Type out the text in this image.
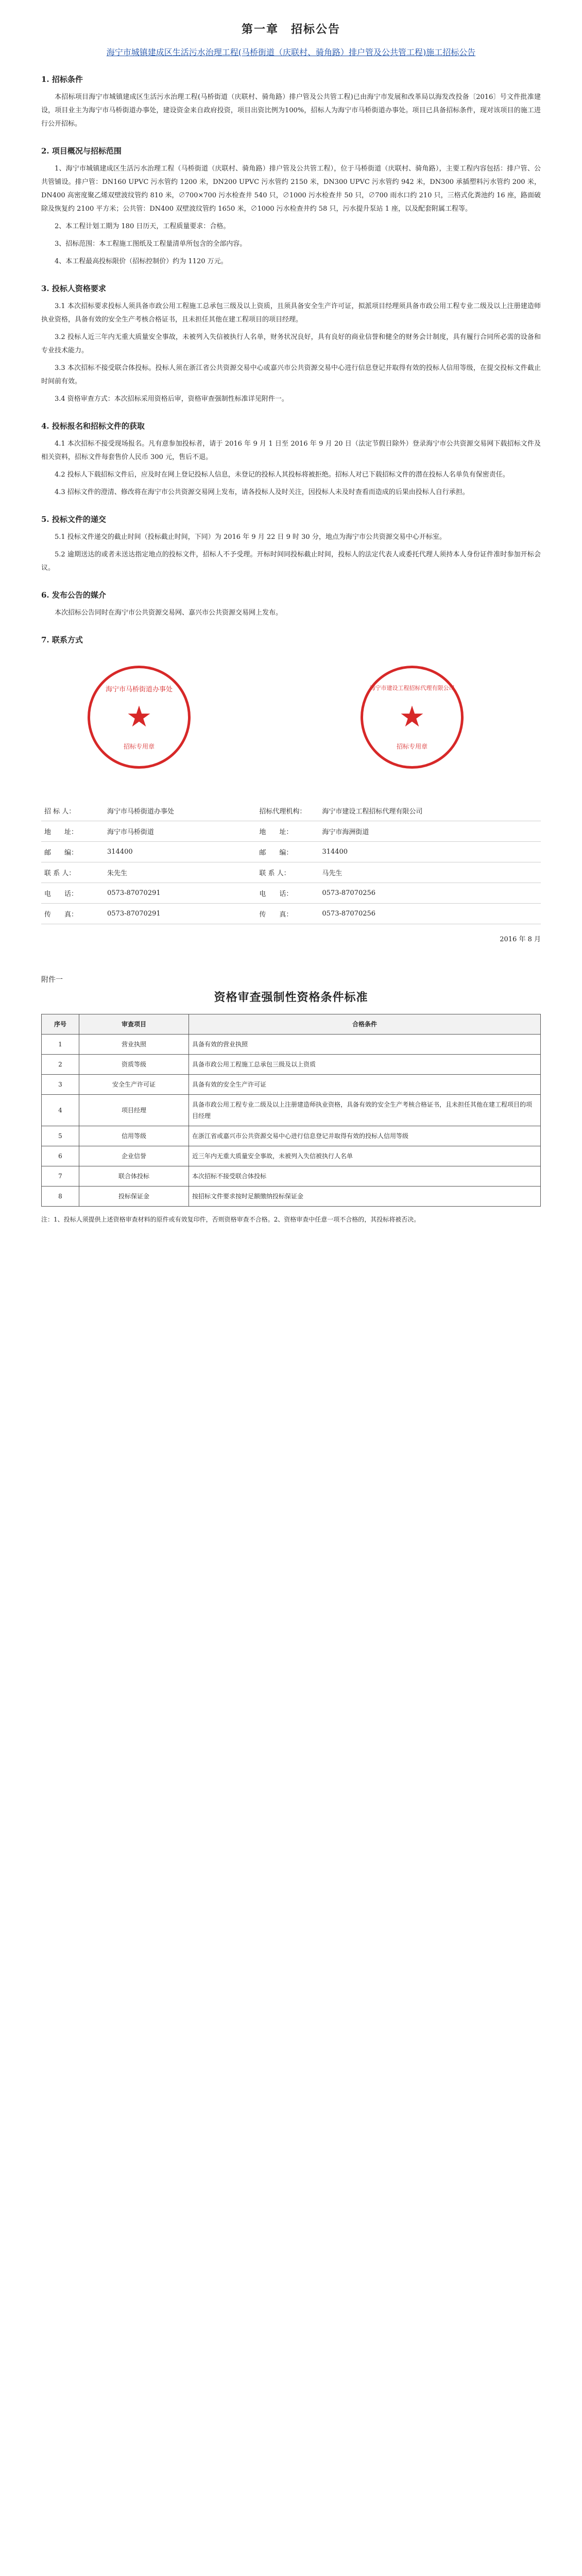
第一章　招标公告
海宁市城镇建成区生活污水治理工程(马桥街道（庆联村、骑角路）排户管及公共管工程)施工招标公告
1. 招标条件
本招标项目海宁市城镇建成区生活污水治理工程(马桥街道（庆联村、骑角路）排户管及公共管工程)已由海宁市发展和改革局以海发改投备〔2016〕号文件批准建设，项目业主为海宁市马桥街道办事处，建设资金来自政府投资，项目出资比例为100%，招标人为海宁市马桥街道办事处。项目已具备招标条件，现对该项目的施工进行公开招标。
2. 项目概况与招标范围
1、海宁市城镇建成区生活污水治理工程（马桥街道（庆联村、骑角路）排户管及公共管工程），位于马桥街道（庆联村、骑角路），主要工程内容包括：排户管、公共管铺设。排户管：DN160 UPVC 污水管约 1200 米，DN200 UPVC 污水管约 2150 米，DN300 UPVC 污水管约 942 米，DN300 承插塑料污水管约 200 米，DN400 高密度聚乙烯双壁波纹管约 810 米，∅700×700 污水检查井 540 只，∅1000 污水检查井 50 只，∅700 雨水口约 210 只，三格式化粪池约 16 座，路面破除及恢复约 2100 平方米；公共管：DN400 双壁波纹管约 1650 米，∅1000 污水检查井约 58 只，污水提升泵站 1 座，以及配套附属工程等。
2、本工程计划工期为 180 日历天，工程质量要求：合格。
3、招标范围：本工程施工图纸及工程量清单所包含的全部内容。
4、本工程最高投标限价（招标控制价）约为 1120 万元。
3. 投标人资格要求
3.1 本次招标要求投标人须具备市政公用工程施工总承包三级及以上资质，且须具备安全生产许可证，拟派项目经理须具备市政公用工程专业二级及以上注册建造师执业资格，具备有效的安全生产考核合格证书，且未担任其他在建工程项目的项目经理。
3.2 投标人近三年内无重大质量安全事故，未被列入失信被执行人名单，财务状况良好，具有良好的商业信誉和健全的财务会计制度，具有履行合同所必需的设备和专业技术能力。
3.3 本次招标不接受联合体投标。投标人须在浙江省公共资源交易中心或嘉兴市公共资源交易中心进行信息登记并取得有效的投标人信用等级，在提交投标文件截止时间前有效。
3.4 资格审查方式：本次招标采用资格后审，资格审查强制性标准详见附件一。
4. 投标报名和招标文件的获取
4.1 本次招标不接受现场报名。凡有意参加投标者，请于 2016 年 9 月 1 日至 2016 年 9 月 20 日（法定节假日除外）登录海宁市公共资源交易网下载招标文件及相关资料，招标文件每套售价人民币 300 元，售后不退。
4.2 投标人下载招标文件后，应及时在网上登记投标人信息，未登记的投标人其投标将被拒绝。招标人对已下载招标文件的潜在投标人名单负有保密责任。
4.3 招标文件的澄清、修改将在海宁市公共资源交易网上发布，请各投标人及时关注，因投标人未及时查看而造成的后果由投标人自行承担。
5. 投标文件的递交
5.1 投标文件递交的截止时间（投标截止时间，下同）为 2016 年 9 月 22 日 9 时 30 分，地点为海宁市公共资源交易中心开标室。
5.2 逾期送达的或者未送达指定地点的投标文件，招标人不予受理。开标时间同投标截止时间，投标人的法定代表人或委托代理人须持本人身份证件准时参加开标会议。
6. 发布公告的媒介
本次招标公告同时在海宁市公共资源交易网、嘉兴市公共资源交易网上发布。
7. 联系方式
海宁市马桥街道办事处
★
招标专用章
海宁市建设工程招标代理有限公司
★
招标专用章
招 标 人：	海宁市马桥街道办事处	招标代理机构：	海宁市建设工程招标代理有限公司
地　　址：	海宁市马桥街道	地　　址：	海宁市海洲街道
邮　　编：	314400	邮　　编：	314400
联 系 人：	朱先生	联 系 人：	马先生
电　　话：	0573-87070291	电　　话：	0573-87070256
传　　真：	0573-87070291	传　　真：	0573-87070256
2016 年 8 月
附件一
资格审查强制性资格条件标准
序号	审查项目	合格条件
1	营业执照	具备有效的营业执照
2	资质等级	具备市政公用工程施工总承包三级及以上资质
3	安全生产许可证	具备有效的安全生产许可证
4	项目经理	具备市政公用工程专业二级及以上注册建造师执业资格，具备有效的安全生产考核合格证书，且未担任其他在建工程项目的项目经理
5	信用等级	在浙江省或嘉兴市公共资源交易中心进行信息登记并取得有效的投标人信用等级
6	企业信誉	近三年内无重大质量安全事故，未被列入失信被执行人名单
7	联合体投标	本次招标不接受联合体投标
8	投标保证金	按招标文件要求按时足额缴纳投标保证金
注：1、投标人须提供上述资格审查材料的原件或有效复印件，否则资格审查不合格。2、资格审查中任意一项不合格的，其投标将被否决。
